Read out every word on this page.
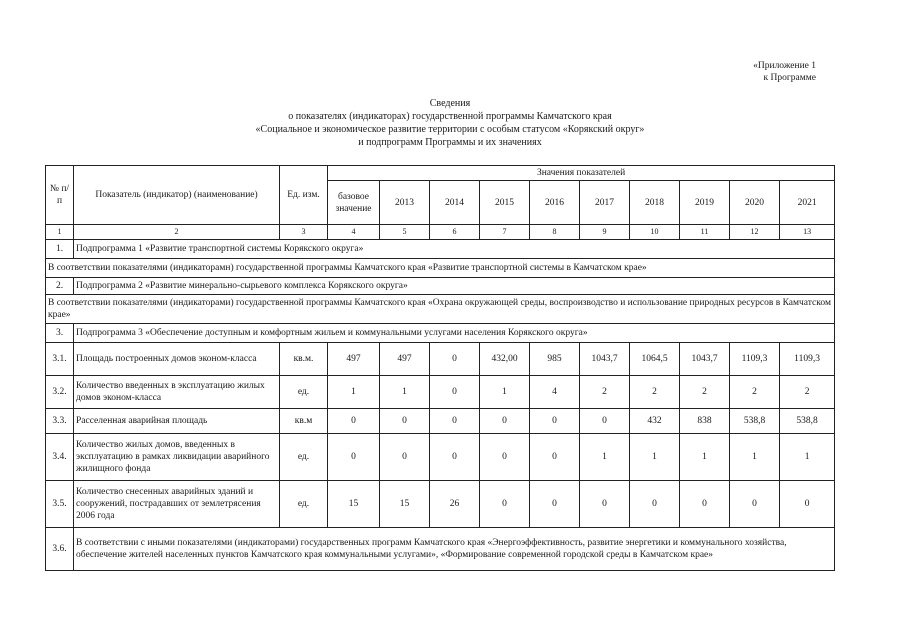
«Приложение 1
к Программе
Сведения
о показателях (индикаторах) государственной программы Камчатского края
«Социальное и экономическое развитие территории с особым статусом «Корякский округ»
и подпрограмм Программы и их значениях
№ п/п	Показатель (индикатор) (наименование)	Ед. изм.	Значения показателей									
			базовое значение	2013	2014	2015	2016	2017	2018	2019	2020	2021
1	2	3	4	5	6	7	8	9	10	11	12	13
1.	Подпрограмма 1 «Развитие транспортной системы Корякского округа»											
В соответствии показателями (индикаторамн) государственной программы Камчатского края «Развитие транспортной системы в Камчатском крае»												
2.	Подпрограмма 2 «Развитие минерально-сырьевого комплекса Корякского округа»											
В соответствии показателями (индикаторами) государственной программы Камчатского края «Охрана окружающей среды, воспроизводство и использование природных ресурсов в Камчатском крае»												
3.	Подпрограмма 3 «Обеспечение доступным и комфортным жильем и коммунальными услугами населения Корякского округа»											
3.1.	Площадь построенных домов эконом-класса	кв.м.	497	497	0	432,00	985	1043,7	1064,5	1043,7	1109,3	1109,3
3.2.	Количество введенных в эксплуатацию жилых домов эконом-класса	ед.	1	1	0	1	4	2	2	2	2	2
3.3.	Расселенная аварийная площадь	кв.м	0	0	0	0	0	0	432	838	538,8	538,8
3.4.	Количество жилых домов, введенных в эксплуатацию в рамках ликвидации аварийного жилищного фонда	ед.	0	0	0	0	0	1	1	1	1	1
3.5.	Количество снесенных аварийных зданий и сооружений, пострадавших от землетрясения 2006 года	ед.	15	15	26	0	0	0	0	0	0	0
3.6.	В соответствии с иными показателями (индикаторами) государственных программ Камчатского края «Энергоэффективность, развитие энергетики и коммунального хозяйства, обеспечение жителей населенных пунктов Камчатского края коммунальными услугами», «Формирование современной городской среды в Камчатском крае»											
